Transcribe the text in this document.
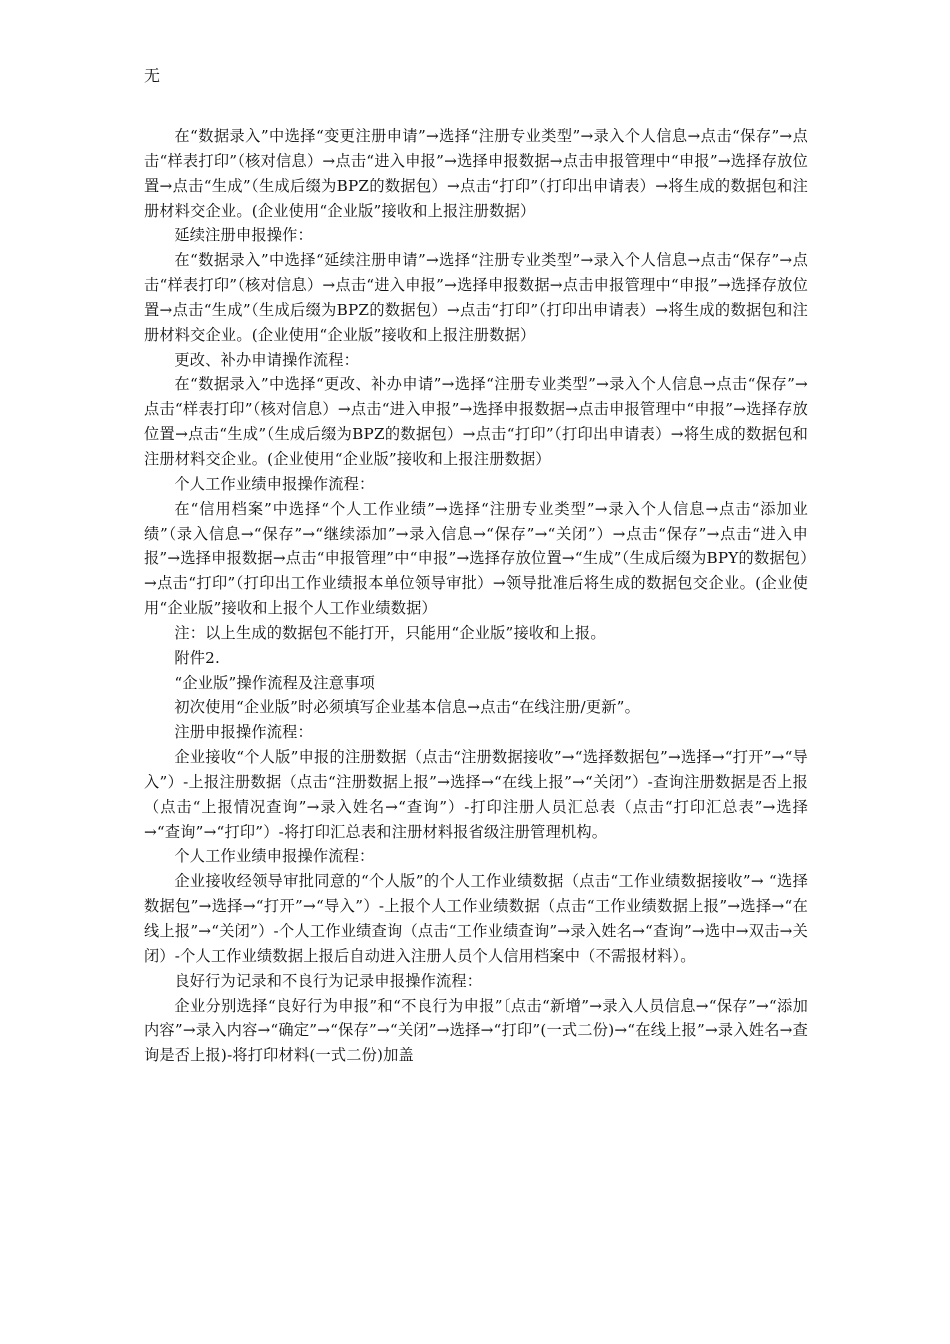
无

在“数据录入”中选择“变更注册申请”→选择“注册专业类型”→录入个人信息→点击“保存”→点击“样表打印”（核对信息）→点击“进入申报”→选择申报数据→点击申报管理中“申报”→选择存放位置→点击“生成”（生成后缀为BPZ的数据包）→点击“打印”（打印出申请表）→将生成的数据包和注册材料交企业。(企业使用“企业版”接收和上报注册数据）

延续注册申报操作：

在“数据录入”中选择“延续注册申请”→选择“注册专业类型”→录入个人信息→点击“保存”→点击“样表打印”（核对信息）→点击“进入申报”→选择申报数据→点击申报管理中“申报”→选择存放位置→点击“生成”（生成后缀为BPZ的数据包）→点击“打印”（打印出申请表）→将生成的数据包和注册材料交企业。(企业使用“企业版”接收和上报注册数据）

更改、补办申请操作流程：

在“数据录入”中选择“更改、补办申请”→选择“注册专业类型”→录入个人信息→点击“保存”→点击“样表打印”（核对信息）→点击“进入申报”→选择申报数据→点击申报管理中“申报”→选择存放位置→点击“生成”（生成后缀为BPZ的数据包）→点击“打印”（打印出申请表）→将生成的数据包和注册材料交企业。(企业使用“企业版”接收和上报注册数据）

个人工作业绩申报操作流程：

在“信用档案”中选择“个人工作业绩”→选择“注册专业类型”→录入个人信息→点击“添加业绩”（录入信息→“保存”→“继续添加”→录入信息→“保存”→“关闭”）→点击“保存”→点击“进入申报”→选择申报数据→点击“申报管理”中“申报”→选择存放位置→“生成”（生成后缀为BPY的数据包）→点击“打印”（打印出工作业绩报本单位领导审批）→领导批准后将生成的数据包交企业。(企业使用“企业版”接收和上报个人工作业绩数据）

注：以上生成的数据包不能打开，只能用“企业版”接收和上报。

附件2.

“企业版”操作流程及注意事项

初次使用“企业版”时必须填写企业基本信息→点击“在线注册/更新”。

注册申报操作流程：

企业接收“个人版”申报的注册数据（点击“注册数据接收”→“选择数据包”→选择→“打开”→“导入”）-上报注册数据（点击“注册数据上报”→选择→“在线上报”→“关闭”）-查询注册数据是否上报（点击“上报情况查询”→录入姓名→“查询”）-打印注册人员汇总表（点击“打印汇总表”→选择→“查询”→“打印”）-将打印汇总表和注册材料报省级注册管理机构。

个人工作业绩申报操作流程：

企业接收经领导审批同意的“个人版”的个人工作业绩数据（点击“工作业绩数据接收”→ “选择数据包”→选择→“打开”→“导入”）-上报个人工作业绩数据（点击“工作业绩数据上报”→选择→“在线上报”→“关闭”）-个人工作业绩查询（点击“工作业绩查询”→录入姓名→“查询”→选中→双击→关闭）-个人工作业绩数据上报后自动进入注册人员个人信用档案中（不需报材料）。

良好行为记录和不良行为记录申报操作流程：

企业分别选择“良好行为申报”和“不良行为申报”〔点击“新增”→录入人员信息→“保存”→“添加内容”→录入内容→“确定”→“保存”→“关闭”→选择→“打印”(一式二份)→“在线上报”→录入姓名→查询是否上报)-将打印材料(一式二份)加盖
